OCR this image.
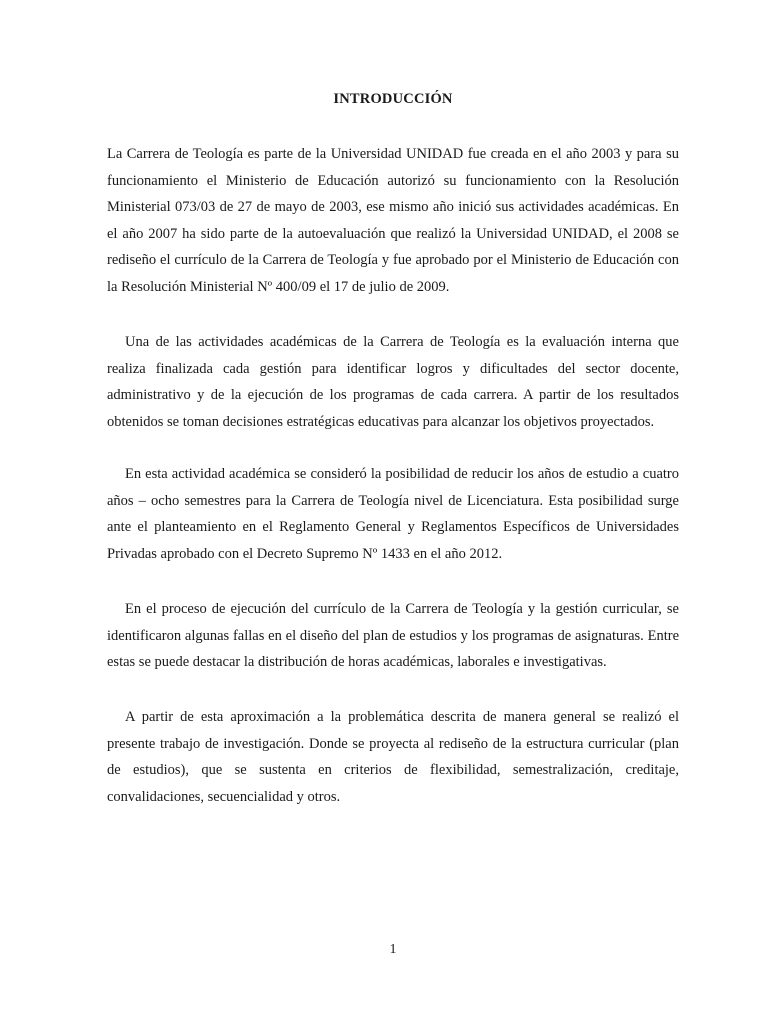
INTRODUCCIÓN

La Carrera de Teología es parte de la Universidad UNIDAD fue creada en el año 2003 y para su funcionamiento el Ministerio de Educación autorizó su funcionamiento con la Resolución Ministerial 073/03 de 27 de mayo de 2003, ese mismo año inició sus actividades académicas. En el año 2007 ha sido parte de la autoevaluación que realizó la Universidad UNIDAD, el 2008 se rediseño el currículo de la Carrera de Teología y fue aprobado por el Ministerio de Educación con la Resolución Ministerial Nº 400/09 el 17 de julio de 2009.

Una de las actividades académicas de la Carrera de Teología es la evaluación interna que realiza finalizada cada gestión para identificar logros y dificultades del sector docente, administrativo y de la ejecución de los programas de cada carrera. A partir de los resultados obtenidos se toman decisiones estratégicas educativas para alcanzar los objetivos proyectados.

En esta actividad académica se consideró la posibilidad de reducir los años de estudio a cuatro años – ocho semestres para la Carrera de Teología nivel de Licenciatura. Esta posibilidad surge ante el planteamiento en el Reglamento General y Reglamentos Específicos de Universidades Privadas aprobado con el Decreto Supremo Nº 1433 en el año 2012.

En el proceso de ejecución del currículo de la Carrera de Teología y la gestión curricular, se identificaron algunas fallas en el diseño del plan de estudios y los programas de asignaturas. Entre estas se puede destacar la distribución de horas académicas, laborales e investigativas.

A partir de esta aproximación a la problemática descrita de manera general se realizó el presente trabajo de investigación. Donde se proyecta al rediseño de la estructura curricular (plan de estudios), que se sustenta en criterios de flexibilidad, semestralización, creditaje, convalidaciones, secuencialidad y otros.

1
